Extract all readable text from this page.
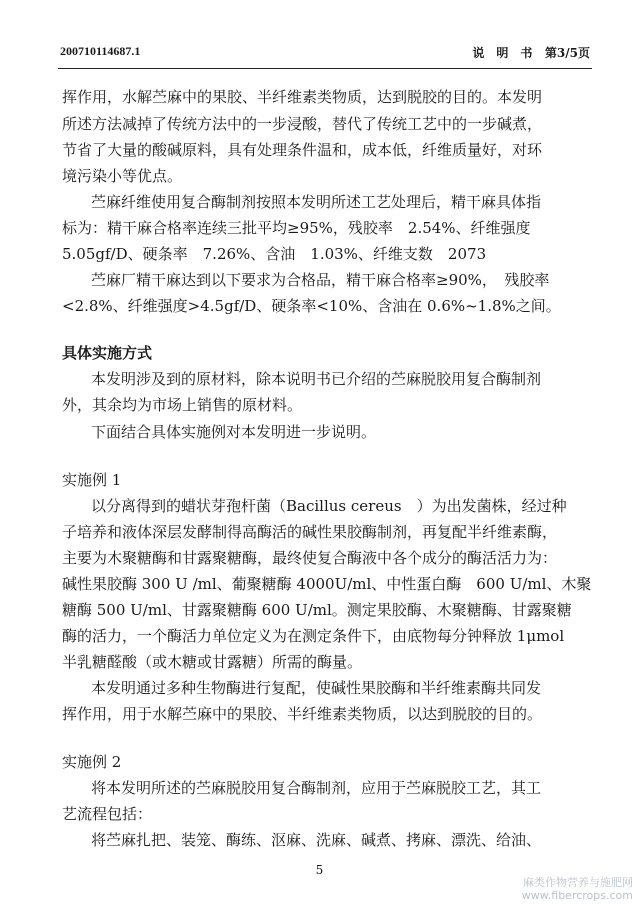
200710114687.1	说　明　书 第3/5页
挥作用，水解苎麻中的果胶、半纤维素类物质，达到脱胶的目的。本发明
所述方法减掉了传统方法中的一步浸酸，替代了传统工艺中的一步碱煮，
节省了大量的酸碱原料，具有处理条件温和，成本低，纤维质量好，对环
境污染小等优点。
苎麻纤维使用复合酶制剂按照本发明所述工艺处理后，精干麻具体指
标为：精干麻合格率连续三批平均≥95%，残胶率　2.54%、纤维强度
5.05gf/D、硬条率　7.26%、含油　1.03%、纤维支数　2073
苎麻厂精干麻达到以下要求为合格品，精干麻合格率≥90%，　残胶率
<2.8%、纤维强度>4.5gf/D、硬条率<10%、含油在 0.6%~1.8%之间。
具体实施方式
本发明涉及到的原材料，除本说明书已介绍的苎麻脱胶用复合酶制剂
外，其余均为市场上销售的原材料。
下面结合具体实施例对本发明进一步说明。
实施例 1
以分离得到的蜡状芽孢杆菌（Bacillus cereus　）为出发菌株，经过种
子培养和液体深层发酵制得高酶活的碱性果胶酶制剂，再复配半纤维素酶，
主要为木聚糖酶和甘露聚糖酶，最终使复合酶液中各个成分的酶活活力为：
碱性果胶酶 300 U /ml、葡聚糖酶 4000U/ml、中性蛋白酶　600 U/ml、木聚
糖酶 500 U/ml、甘露聚糖酶 600 U/ml。测定果胶酶、木聚糖酶、甘露聚糖
酶的活力，一个酶活力单位定义为在测定条件下，由底物每分钟释放 1μmol
半乳糖醛酸（或木糖或甘露糖）所需的酶量。
本发明通过多种生物酶进行复配，使碱性果胶酶和半纤维素酶共同发
挥作用，用于水解苎麻中的果胶、半纤维素类物质，以达到脱胶的目的。
实施例 2
将本发明所述的苎麻脱胶用复合酶制剂，应用于苎麻脱胶工艺，其工
艺流程包括：
将苎麻扎把、装笼、酶练、沤麻、洗麻、碱煮、拷麻、漂洗、给油、
5
麻类作物营养与施肥网
www.fibercrops.com
